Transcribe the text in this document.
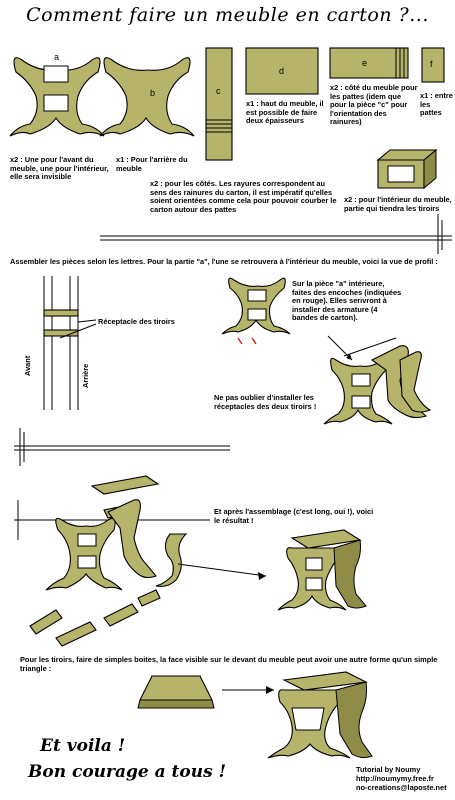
Comment faire un meuble en carton ?...
a
b	c
d
e	f
x2 : Une pour l'avant du meuble, une pour l'intérieur, elle sera invisible
x1 : Pour l'arrière du meuble
x1 : haut du meuble, il est possible de faire deux épaisseurs
x2 : côté du meuble pour les pattes (idem que pour la pièce "c" pour l'orientation des rainures)
x1 : entre les pattes
x2 : pour les côtés. Les rayures correspondent au sens des rainures du carton, il est impératif qu'elles soient orientées comme cela pour pouvoir courber le carton autour des pattes
x2 : pour l'intérieur du meuble, partie qui tiendra les tiroirs
Assembler les pièces selon les lettres. Pour la partie "a", l'une se retrouvera à l'intérieur du meuble, voici la vue de profil :
Réceptacle des tiroirs
Avant	Arrière
Sur la pièce "a" intérieure, faites des encoches (indiquées en rouge). Elles serivront à installer des armature (4 bandes de carton).
Ne pas oublier d'installer les réceptacles des deux tiroirs !
Et après l'assemblage (c'est long, oui !), voici le résultat !
Pour les tiroirs, faire de simples boites, la face visible sur le devant du meuble peut avoir une autre forme qu'un simple triangle :
Et voila !
Bon courage a tous !	Tutorial by Noumy
http://noumymy.free.fr
no-creations@laposte.net
